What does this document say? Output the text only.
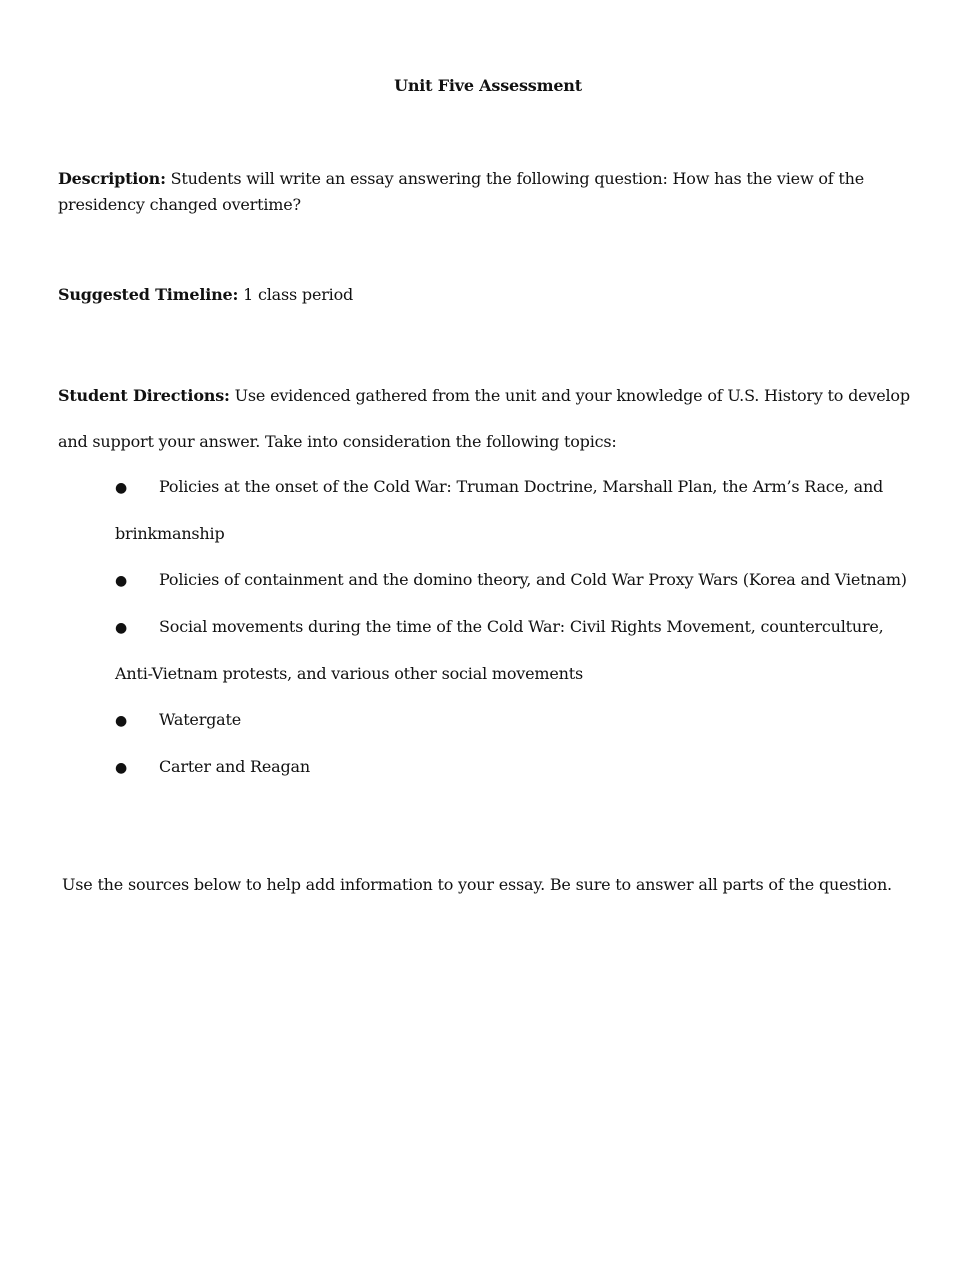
Unit Five Assessment
Description: Students will write an essay answering the following question: How has the view of the presidency changed overtime?
Suggested Timeline: 1 class period
Student Directions: Use evidenced gathered from the unit and your knowledge of U.S. History to develop and support your answer. Take into consideration the following topics:
● Policies at the onset of the Cold War: Truman Doctrine, Marshall Plan, the Arm’s Race, and brinkmanship
● Policies of containment and the domino theory, and Cold War Proxy Wars (Korea and Vietnam)
● Social movements during the time of the Cold War: Civil Rights Movement, counterculture, Anti-Vietnam protests, and various other social movements
● Watergate
● Carter and Reagan
Use the sources below to help add information to your essay. Be sure to answer all parts of the question.
